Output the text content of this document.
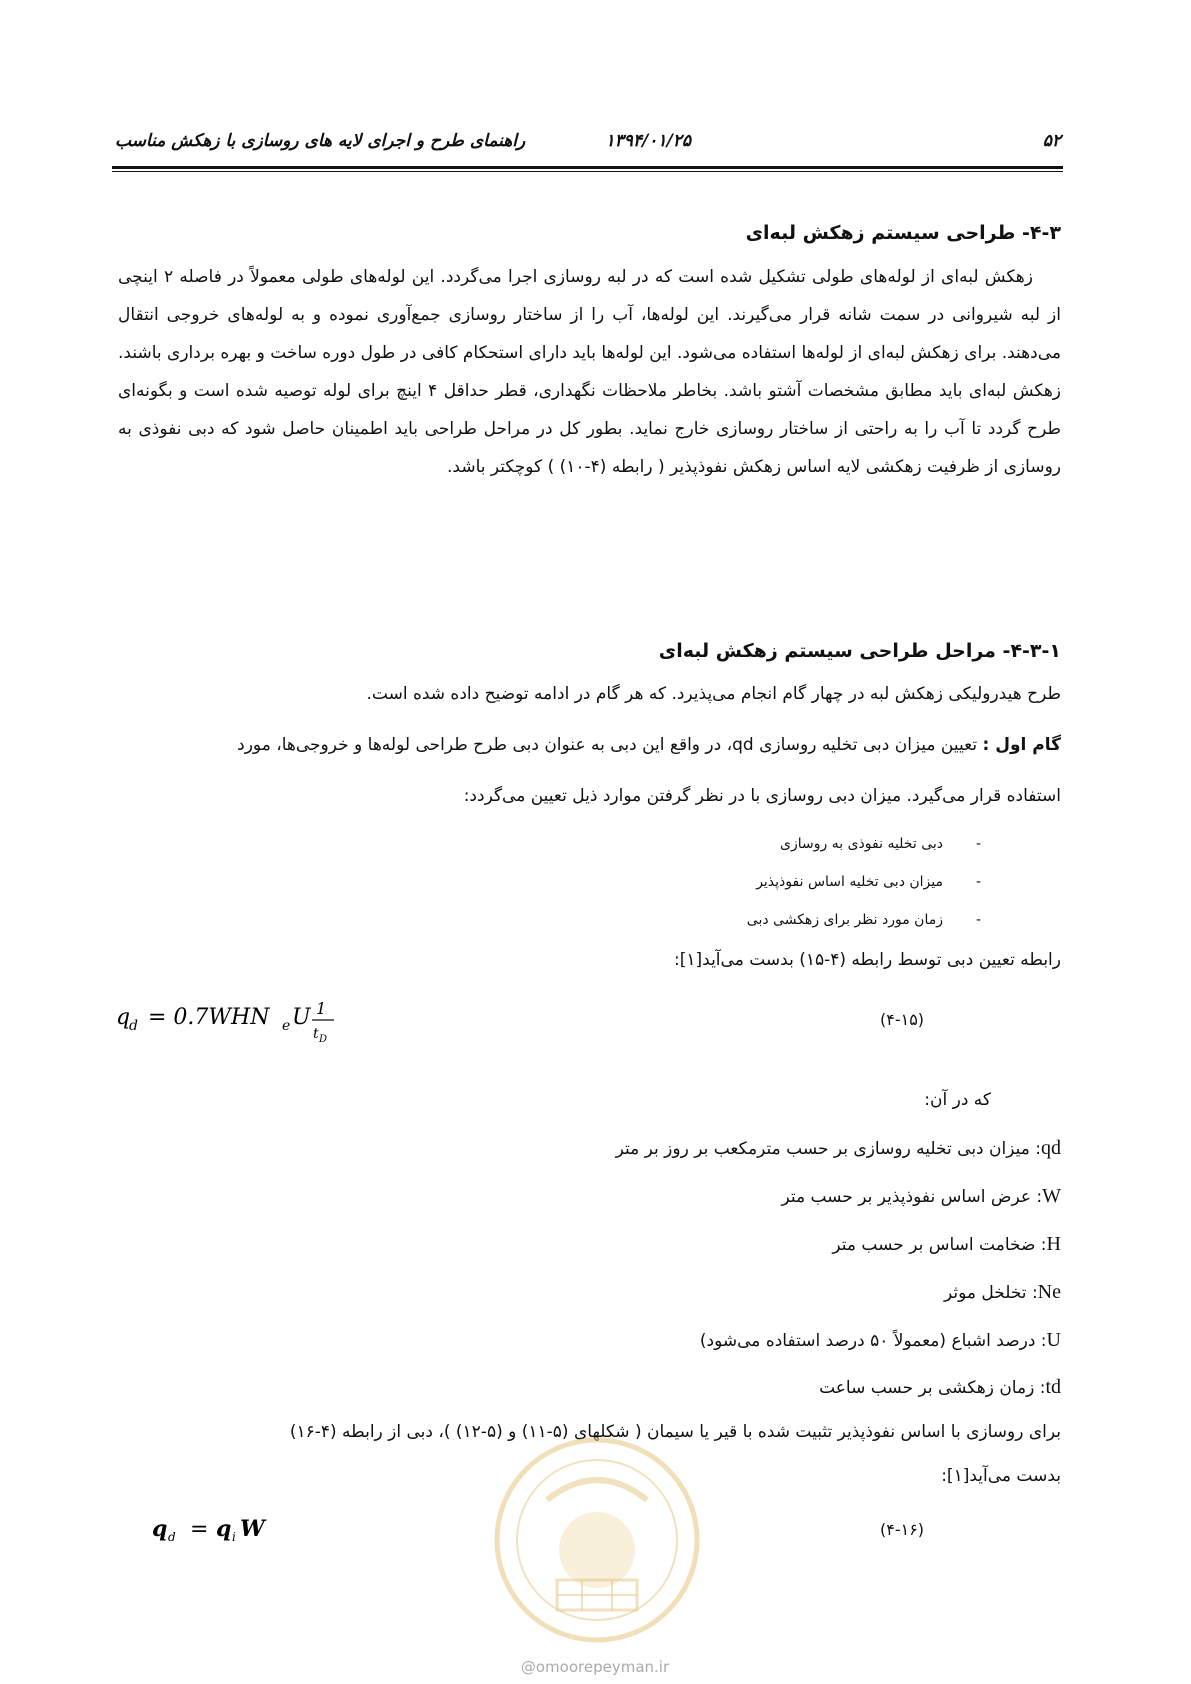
۵۲
۱۳۹۴/۰۱/۲۵
راهنمای طرح و اجرای لایه های روسازی با زهکش مناسب
۴-۳- طراحی سیستم زهکش لبه‌ای

زهکش لبه‌ای از لوله‌های طولی تشکیل شده است که در لبه روسازی اجرا می‌گردد. این لوله‌های طولی معمولاً در فاصله ۲ اینچی از لبه شیروانی در سمت شانه قرار می‌گیرند. این لوله‌ها، آب را از ساختار روسازی جمع‌آوری نموده و به لوله‌های خروجی انتقال می‌دهند. برای زهکش لبه‌ای از لوله‌ها استفاده می‌شود. این لوله‌ها باید دارای استحکام کافی در طول دوره ساخت و بهره برداری باشند. زهکش لبه‌ای باید مطابق مشخصات آشتو باشد. بخاطر ملاحظات نگهداری، قطر حداقل ۴ اینچ برای لوله توصیه شده است و بگونه‌ای طرح گردد تا آب را به راحتی از ساختار روسازی خارج نماید. بطور کل در مراحل طراحی باید اطمینان حاصل شود که دبی نفوذی به روسازی از ظرفیت زهکشی لایه اساس زهکش نفوذپذیر ( رابطه (۴-۱۰) ) کوچکتر باشد.

۴-۳-۱- مراحل طراحی سیستم زهکش لبه‌ای
طرح هیدرولیکی زهکش لبه در چهار گام انجام می‌پذیرد. که هر گام در ادامه توضیح داده شده است.
گام اول : تعیین میزان دبی تخلیه روسازی qd، در واقع این دبی به عنوان دبی طرح طراحی لوله‌ها و خروجی‌ها، مورد
استفاده قرار می‌گیرد. میزان دبی روسازی با در نظر گرفتن موارد ذیل تعیین می‌گردد:
-دبی تخلیه نفوذی به روسازی
-میزان دبی تخلیه اساس نفوذپذیر
-زمان مورد نظر برای زهکشی دبی
رابطه تعیین دبی توسط رابطه (۴-۱۵) بدست می‌آید[۱]:
q
d = 0.7WHN e U 1
t D
(۴-۱۵)
که در آن:
qd: میزان دبی تخلیه روسازی بر حسب مترمکعب بر روز بر متر
W: عرض اساس نفوذپذیر بر حسب متر
H: ضخامت اساس بر حسب متر
Ne: تخلخل موثر
U: درصد اشباع (معمولاً ۵۰ درصد استفاده می‌شود)
td: زمان زهکشی بر حسب ساعت
برای روسازی با اساس نفوذپذیر تثبیت شده با قیر یا سیمان ( شکلهای (۵-۱۱) و (۵-۱۲) )، دبی از رابطه (۴-۱۶)
بدست می‌آید[۱]:
q d = q i W	(۴-۱۶)
@omoorepeyman.ir
